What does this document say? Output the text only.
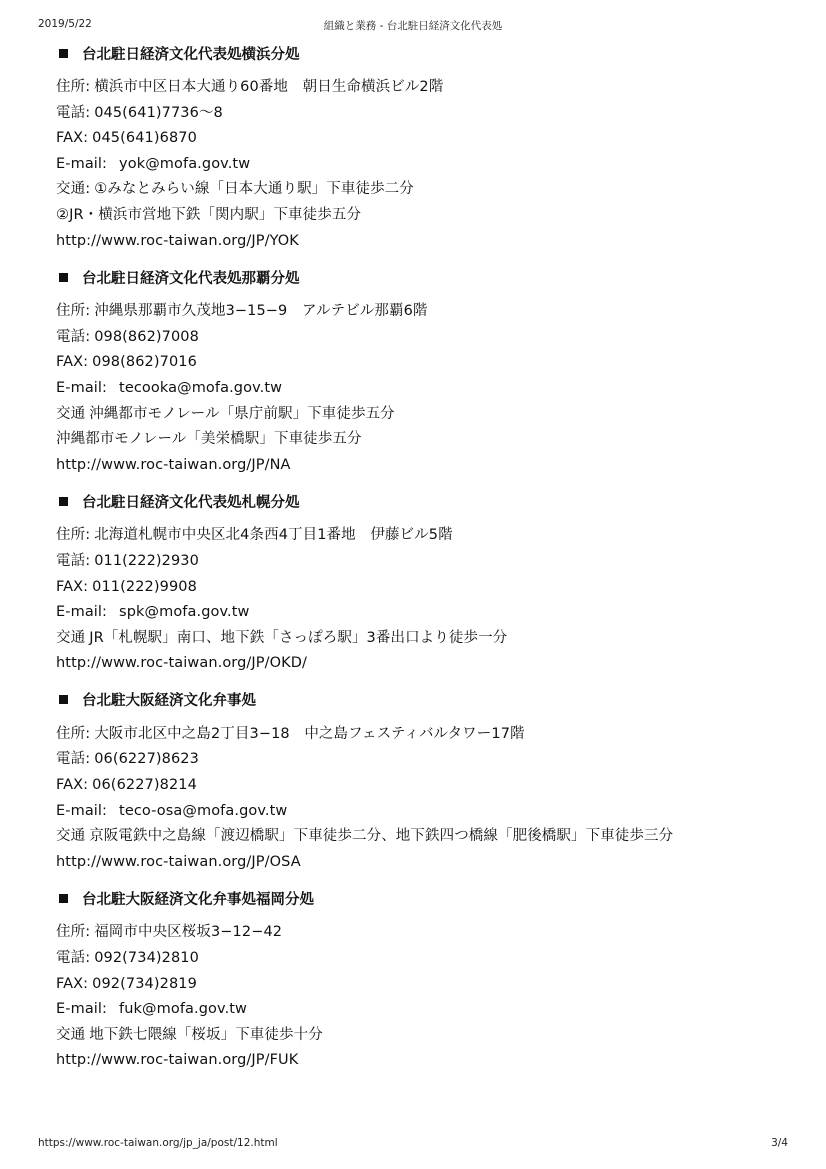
2019/5/22	組織と業務 - 台北駐日経済文化代表処
台北駐日経済文化代表処横浜分処
住所: 横浜市中区日本大通り60番地　朝日生命横浜ビル2階
電話: 045(641)7736〜8
FAX: 045(641)6870
E-mail: yok@mofa.gov.tw
交通: ①みなとみらい線「日本大通り駅」下車徒歩二分
②JR・横浜市営地下鉄「関内駅」下車徒歩五分
http://www.roc-taiwan.org/JP/YOK
台北駐日経済文化代表処那覇分処
住所: 沖縄県那覇市久茂地3−15−9　アルテビル那覇6階
電話: 098(862)7008
FAX: 098(862)7016
E-mail: tecooka@mofa.gov.tw
交通 沖縄都市モノレール「県庁前駅」下車徒歩五分
沖縄都市モノレール「美栄橋駅」下車徒歩五分
http://www.roc-taiwan.org/JP/NA
台北駐日経済文化代表処札幌分処
住所: 北海道札幌市中央区北4条西4丁目1番地　伊藤ビル5階
電話: 011(222)2930
FAX: 011(222)9908
E-mail: spk@mofa.gov.tw
交通 JR「札幌駅」南口、地下鉄「さっぽろ駅」3番出口より徒歩一分
http://www.roc-taiwan.org/JP/OKD/
台北駐大阪経済文化弁事処
住所: 大阪市北区中之島2丁目3−18　中之島フェスティバルタワー17階
電話: 06(6227)8623
FAX: 06(6227)8214
E-mail: teco-osa@mofa.gov.tw
交通 京阪電鉄中之島線「渡辺橋駅」下車徒歩二分、地下鉄四つ橋線「肥後橋駅」下車徒歩三分
http://www.roc-taiwan.org/JP/OSA
台北駐大阪経済文化弁事処福岡分処
住所: 福岡市中央区桜坂3−12−42
電話: 092(734)2810
FAX: 092(734)2819
E-mail: fuk@mofa.gov.tw
交通 地下鉄七隈線「桜坂」下車徒歩十分
http://www.roc-taiwan.org/JP/FUK
https://www.roc-taiwan.org/jp_ja/post/12.html	3/4
